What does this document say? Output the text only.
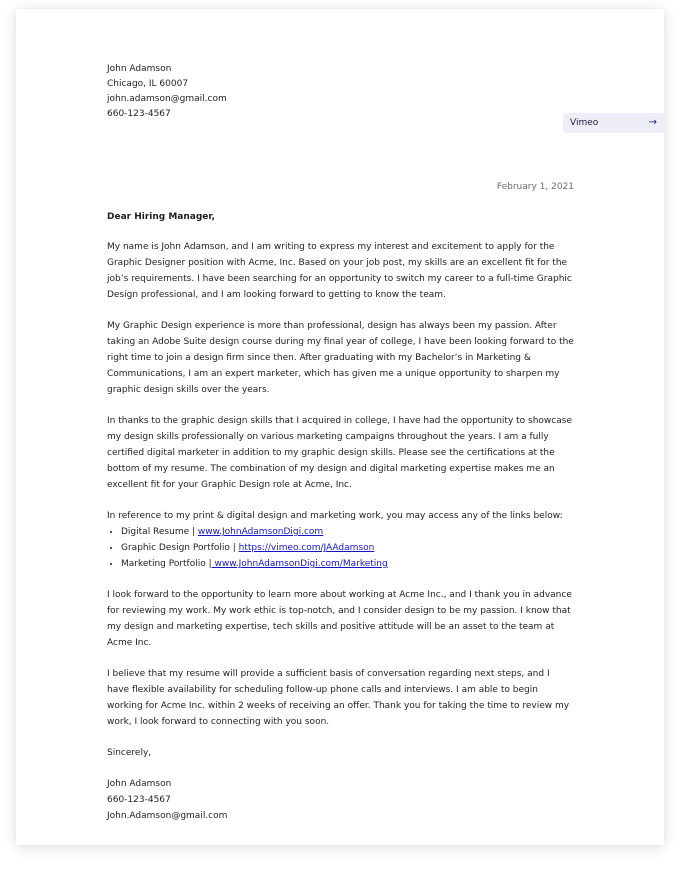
John Adamson
Chicago, IL 60007
john.adamson@gmail.com
660-123-4567
Vimeo	→
February 1, 2021
Dear Hiring Manager,

My name is John Adamson, and I am writing to express my interest and excitement to apply for the Graphic Designer position with Acme, Inc. Based on your job post, my skills are an excellent fit for the job’s requirements. I have been searching for an opportunity to switch my career to a full-time Graphic Design professional, and I am looking forward to getting to know the team.

My Graphic Design experience is more than professional, design has always been my passion. After taking an Adobe Suite design course during my final year of college, I have been looking forward to the right time to join a design firm since then. After graduating with my Bachelor’s in Marketing & Communications, I am an expert marketer, which has given me a unique opportunity to sharpen my graphic design skills over the years.

In thanks to the graphic design skills that I acquired in college, I have had the opportunity to showcase my design skills professionally on various marketing campaigns throughout the years. I am a fully certified digital marketer in addition to my graphic design skills. Please see the certifications at the bottom of my resume. The combination of my design and digital marketing expertise makes me an excellent fit for your Graphic Design role at Acme, Inc.

In reference to my print & digital design and marketing work, you may access any of the links below:
• Digital Resume | www.JohnAdamsonDigi.com
• Graphic Design Portfolio | https://vimeo.com/JAAdamson
• Marketing Portfolio | www.JohnAdamsonDigi.com/Marketing

I look forward to the opportunity to learn more about working at Acme Inc., and I thank you in advance for reviewing my work. My work ethic is top-notch, and I consider design to be my passion. I know that my design and marketing expertise, tech skills and positive attitude will be an asset to the team at Acme Inc.

I believe that my resume will provide a sufficient basis of conversation regarding next steps, and I have flexible availability for scheduling follow-up phone calls and interviews. I am able to begin working for Acme Inc. within 2 weeks of receiving an offer. Thank you for taking the time to review my work, I look forward to connecting with you soon.

Sincerely,

John Adamson
660-123-4567
John.Adamson@gmail.com
